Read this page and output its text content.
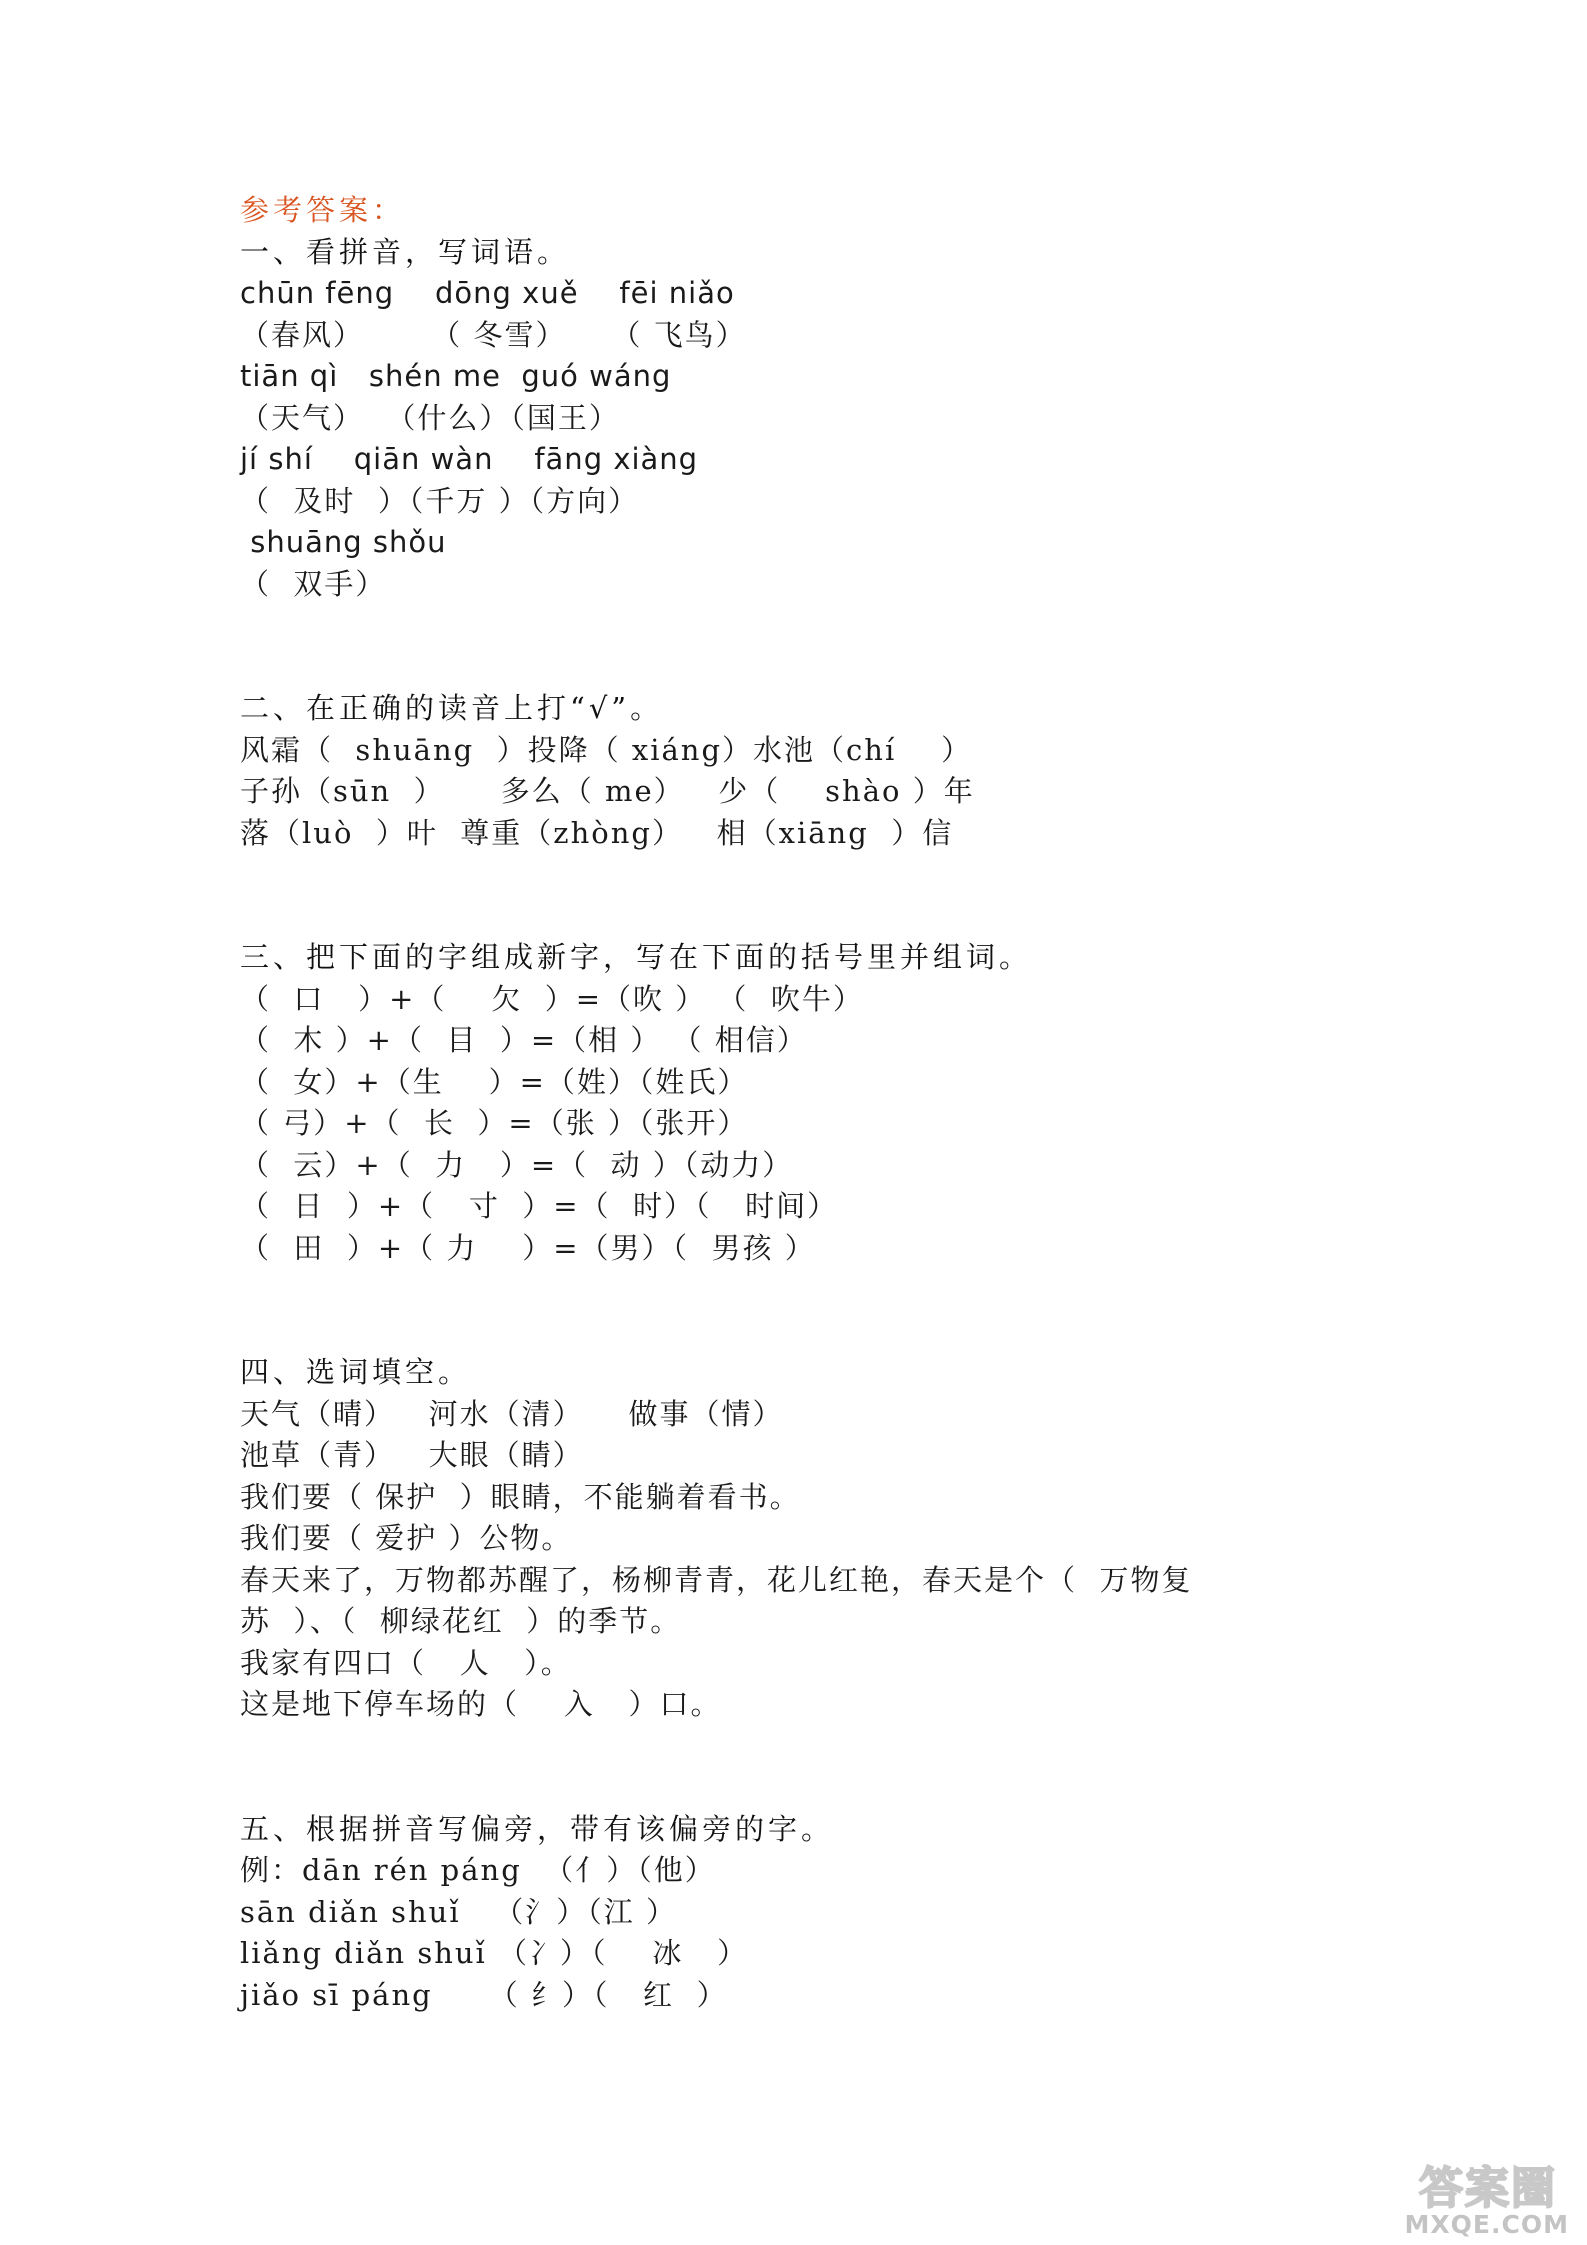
参考答案：
一、看拼音，写词语。
chūn fēng    dōng xuě    fēi niǎo
（春风）      （ 冬雪）    （ 飞鸟）
tiān qì   shén me  guó wáng
（天气）  （什么）（国王）
jí shí    qiān wàn    fāng xiàng
（  及时  ）（千万 ）（方向）
shuāng shǒu
（  双手）
二、在正确的读音上打“√”。
风霜（  shuāng  ）投降（ xiáng）水池（chí    ）
子孙（sūn  ）     多么（ me）   少（    shào ）年
落（luò  ）叶  尊重（zhòng）   相（xiāng  ）信
三、把下面的字组成新字，写在下面的括号里并组词。
（  口   ）+（    欠  ）=（吹 ） （  吹牛）
（  木 ）+（  目  ）=（相 ） （ 相信）
（  女）+（生    ）=（姓）（姓氏）
（ 弓）+（  长  ）=（张 ）（张开）
（  云）+（  力   ）=（  动 ）（动力）
（  日  ）+（   寸  ）=（  时）（   时间）
（  田  ）+（ 力    ）=（男）（  男孩 ）
四、选词填空。
天气（晴）   河水（清）    做事（情）
池草（青）   大眼（睛）
我们要（ 保护  ）眼睛，不能躺着看书。
我们要（ 爱护 ）公物。
春天来了，万物都苏醒了，杨柳青青，花儿红艳，春天是个（  万物复
苏  ）、（  柳绿花红  ）的季节。
我家有四口（   人   ）。
这是地下停车场的（    入   ）口。
五、根据拼音写偏旁，带有该偏旁的字。
例：dān rén páng  （亻）（他）
sān diǎn shuǐ   （氵）（江 ）
liǎng diǎn shuǐ （冫）（    冰   ）
jiǎo sī páng     （ 纟）（   红  ）
答案圈
MXQE.COM
